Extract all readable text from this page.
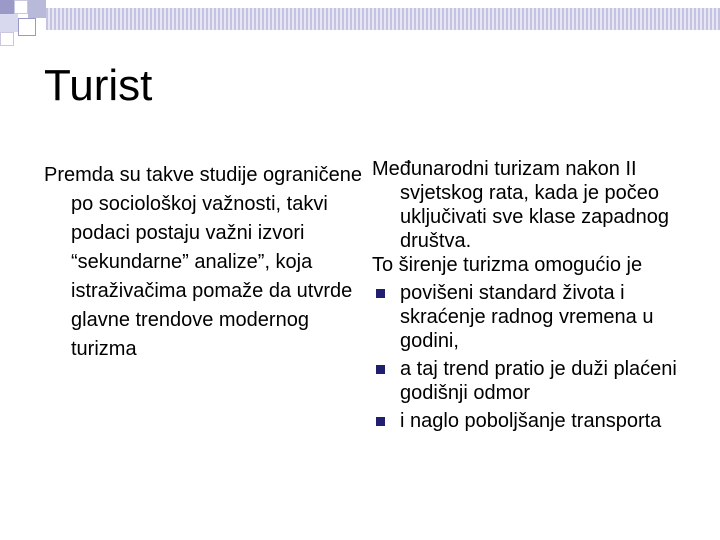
Turist

Premda su takve studije ograničene po sociološkoj važnosti, takvi podaci postaju važni izvori “sekundarne” analize”, koja istraživačima pomaže da utvrde glavne trendove modernog turizma

Međunarodni turizam nakon II svjetskog rata, kada je počeo uključivati sve klase zapadnog društva.

To širenje turizma omogućio je

povišeni standard života i skraćenje radnog vremena u godini,
a taj trend pratio je duži plaćeni godišnji odmor
i naglo poboljšanje transporta
